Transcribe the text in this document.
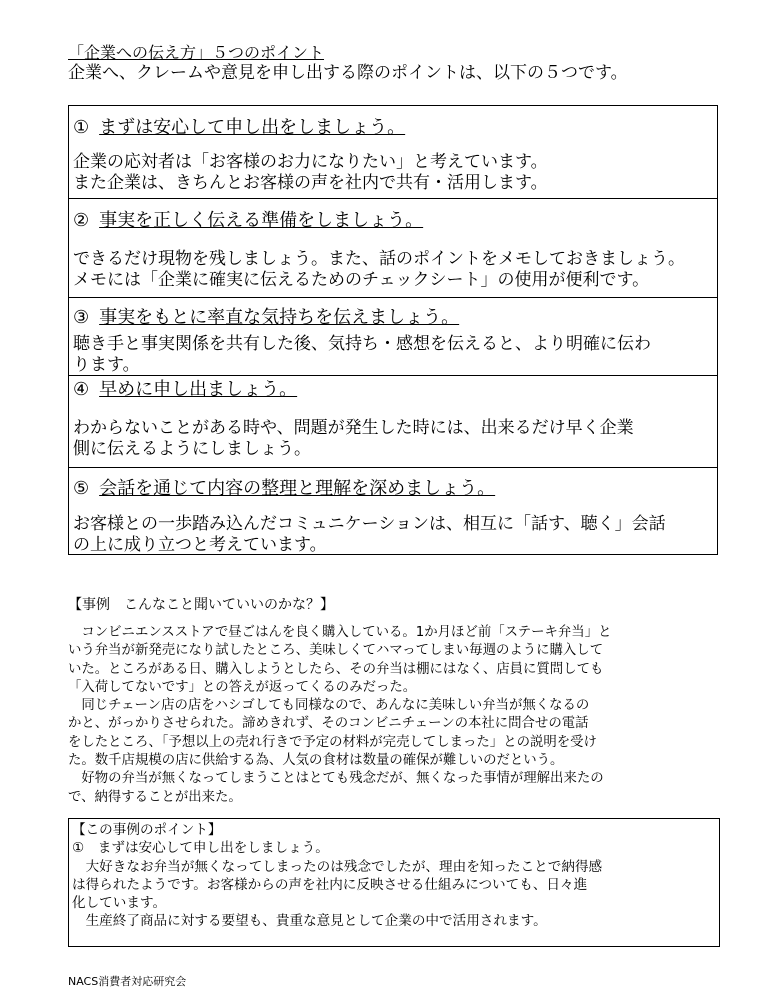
「企業への伝え方」５つのポイント
企業へ、クレームや意見を申し出する際のポイントは、以下の５つです。
① まずは安心して申し出をしましょう。
企業の応対者は「お客様のお力になりたい」と考えています。
また企業は、きちんとお客様の声を社内で共有・活用します。
② 事実を正しく伝える準備をしましょう。
できるだけ現物を残しましょう。また、話のポイントをメモしておきましょう。
メモには「企業に確実に伝えるためのチェックシート」の使用が便利です。
③ 事実をもとに率直な気持ちを伝えましょう。
聴き手と事実関係を共有した後、気持ち・感想を伝えると、より明確に伝わ
ります。
④ 早めに申し出ましょう。
わからないことがある時や、問題が発生した時には、出来るだけ早く企業
側に伝えるようにしましょう。
⑤ 会話を通じて内容の整理と理解を深めましょう。
お客様との一歩踏み込んだコミュニケーションは、相互に「話す、聴く」会話
の上に成り立つと考えています。
【事例　こんなこと聞いていいのかな？】
　コンビニエンスストアで昼ごはんを良く購入している。1か月ほど前「ステーキ弁当」と
いう弁当が新発売になり試したところ、美味しくてハマってしまい毎週のように購入して
いた。ところがある日、購入しようとしたら、その弁当は棚にはなく、店員に質問しても
「入荷してないです」との答えが返ってくるのみだった。
　同じチェーン店の店をハシゴしても同様なので、あんなに美味しい弁当が無くなるの
かと、がっかりさせられた。諦めきれず、そのコンビニチェーンの本社に問合せの電話
をしたところ、「予想以上の売れ行きで予定の材料が完売してしまった」との説明を受け
た。数千店規模の店に供給する為、人気の食材は数量の確保が難しいのだという。
　好物の弁当が無くなってしまうことはとても残念だが、無くなった事情が理解出来たの
で、納得することが出来た。
【この事例のポイント】
①　まずは安心して申し出をしましょう。
　大好きなお弁当が無くなってしまったのは残念でしたが、理由を知ったことで納得感
は得られたようです。お客様からの声を社内に反映させる仕組みについても、日々進
化しています。
　生産終了商品に対する要望も、貴重な意見として企業の中で活用されます。
NACS消費者対応研究会
